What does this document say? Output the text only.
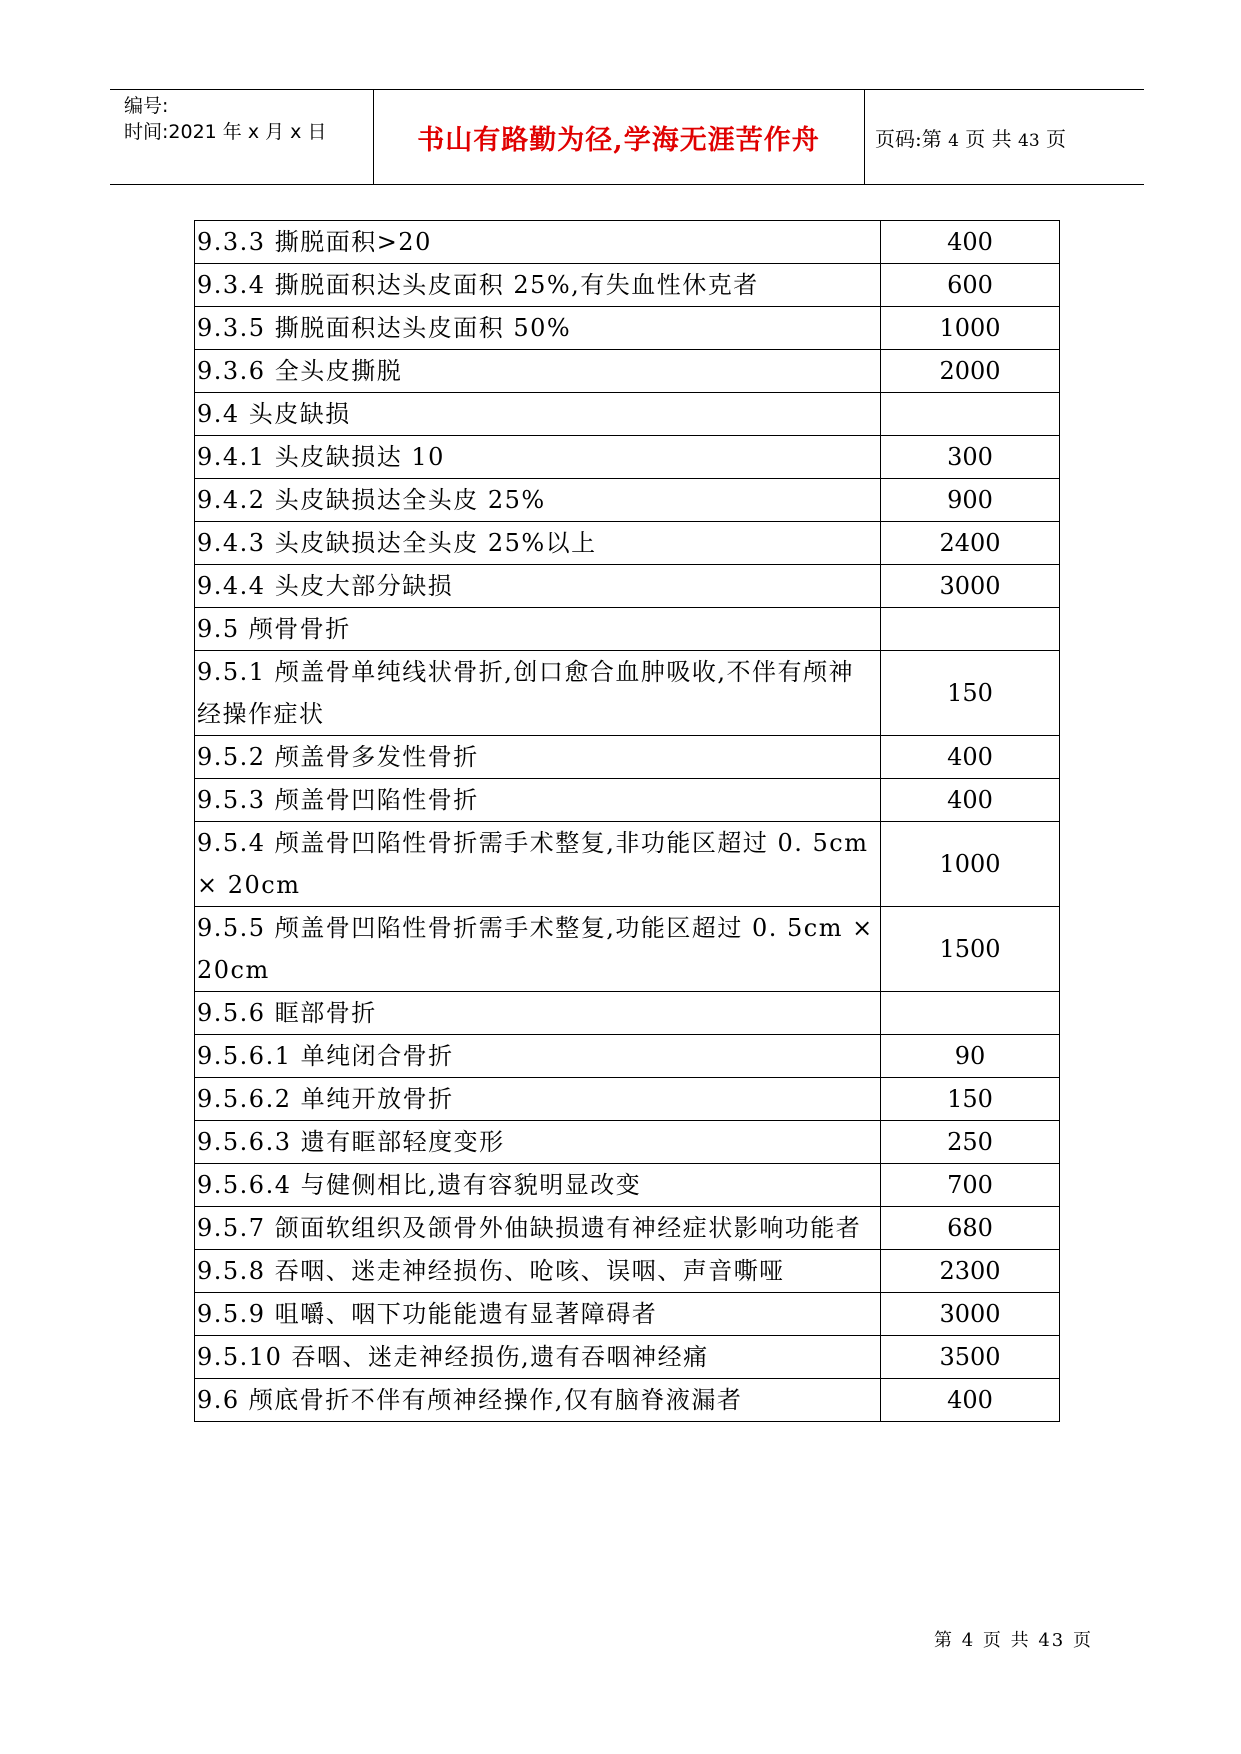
编号:
时间:2021 年 x 月 x 日	书山有路勤为径,学海无涯苦作舟	页码:第 4 页 共 43 页
9.3.3 撕脱面积>20	400
9.3.4 撕脱面积达头皮面积 25%,有失血性休克者	600
9.3.5 撕脱面积达头皮面积 50%	1000
9.3.6 全头皮撕脱	2000
9.4 头皮缺损	
9.4.1 头皮缺损达 10	300
9.4.2 头皮缺损达全头皮 25%	900
9.4.3 头皮缺损达全头皮 25%以上	2400
9.4.4 头皮大部分缺损	3000
9.5 颅骨骨折	
9.5.1 颅盖骨单纯线状骨折,创口愈合血肿吸收,不伴有颅神经操作症状	150
9.5.2 颅盖骨多发性骨折	400
9.5.3 颅盖骨凹陷性骨折	400
9.5.4 颅盖骨凹陷性骨折需手术整复,非功能区超过 0. 5cm × 20cm	1000
9.5.5 颅盖骨凹陷性骨折需手术整复,功能区超过 0. 5cm × 20cm	1500
9.5.6 眶部骨折	
9.5.6.1 单纯闭合骨折	90
9.5.6.2 单纯开放骨折	150
9.5.6.3 遗有眶部轻度变形	250
9.5.6.4 与健侧相比,遗有容貌明显改变	700
9.5.7 颌面软组织及颌骨外伷缺损遗有神经症状影响功能者	680
9.5.8 吞咽、迷走神经损伤、呛咳、误咽、声音嘶哑	2300
9.5.9 咀嚼、咽下功能能遗有显著障碍者	3000
9.5.10 吞咽、迷走神经损伤,遗有吞咽神经痛	3500
9.6 颅底骨折不伴有颅神经操作,仅有脑脊液漏者	400
第 4 页 共 43 页
